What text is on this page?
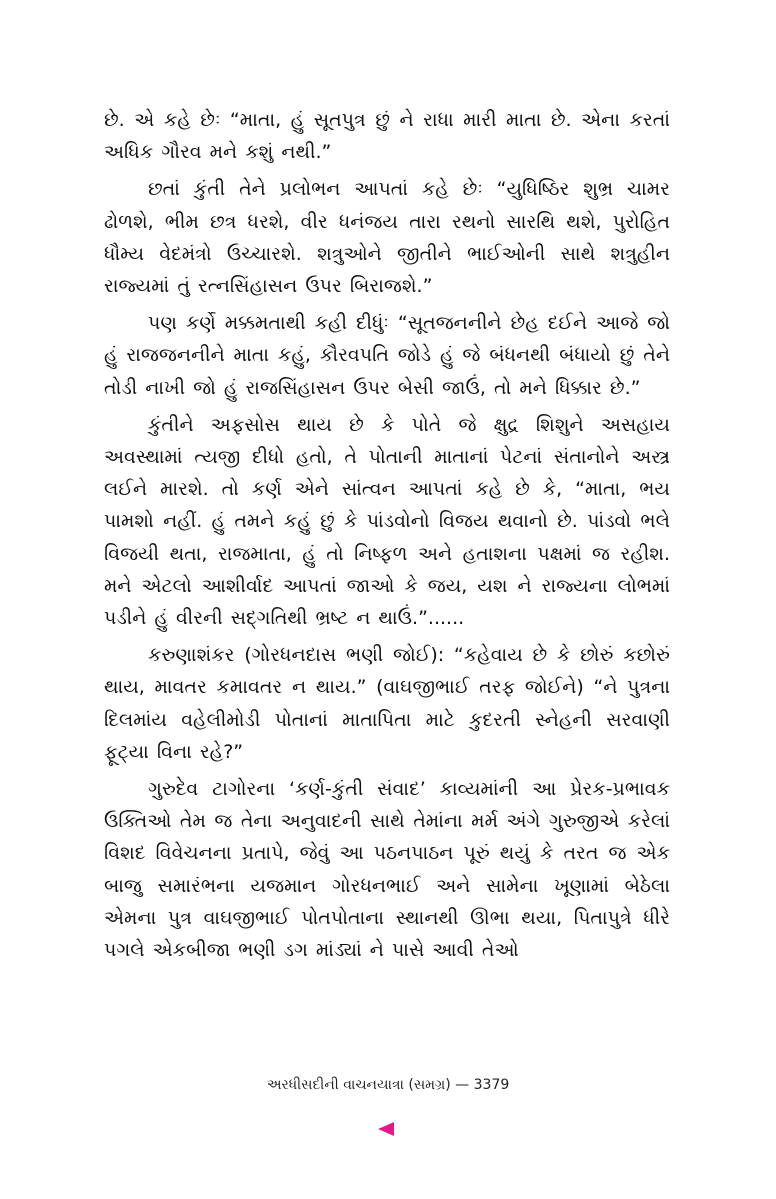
છે. એ કહે છેઃ “માતા, હું સૂતપુત્ર છું ને રાધા મારી માતા છે. એના કરતાં અધિક ગૌરવ મને કશું નથી.”

છતાં કુંતી તેને પ્રલોભન આપતાં કહે છેઃ “યુધિષ્ઠિર શુભ્ર ચામર ઢોળશે, ભીમ છત્ર ધરશે, વીર ધનંજય તારા રથનો સારથિ થશે, પુરોહિત ધૌમ્ય વેદમંત્રો ઉચ્ચારશે. શત્રુઓને જીતીને ભાઈઓની સાથે શત્રુહીન રાજ્યમાં તું રત્નસિંહાસન ઉપર બિરાજશે.”

પણ કર્ણે મક્કમતાથી કહી દીધુંઃ “સૂતજનનીને છેહ દઈને આજે જો હું રાજજનનીને માતા કહું, કૌરવપતિ જોડે હું જે બંધનથી બંધાયો છું તેને તોડી નાખી જો હું રાજસિંહાસન ઉપર બેસી જાઉં, તો મને ધિક્કાર છે.”

કુંતીને અફસોસ થાય છે કે પોતે જે ક્ષુદ્ર શિશુને અસહાય અવસ્થામાં ત્યજી દીધો હતો, તે પોતાની માતાનાં પેટનાં સંતાનોને અસ્ત્ર લઈને મારશે. તો કર્ણ એને સાંત્વન આપતાં કહે છે કે, “માતા, ભય પામશો નહીં. હું તમને કહું છું કે પાંડવોનો વિજય થવાનો છે. પાંડવો ભલે વિજયી થતા, રાજમાતા, હું તો નિષ્ફળ અને હતાશના પક્ષમાં જ રહીશ. મને એટલો આશીર્વાદ આપતાં જાઓ કે જય, યશ ને રાજ્યના લોભમાં પડીને હું વીરની સદ્‌ગતિથી ભ્રષ્ટ ન થાઉં.”......

કરુણાશંકર (ગોરધનદાસ ભણી જોઈ): “કહેવાય છે કે છોરું કછોરું થાય, માવતર કમાવતર ન થાય.” (વાઘજીભાઈ તરફ જોઈને) “ને પુત્રના દિલમાંય વહેલીમોડી પોતાનાં માતાપિતા માટે કુદરતી સ્નેહની સરવાણી ફૂટ્યા વિના રહે?”

ગુરુદેવ ટાગોરના ‘કર્ણ-કુંતી સંવાદ’ કાવ્યમાંની આ પ્રેરક-પ્રભાવક ઉક્તિઓ તેમ જ તેના અનુવાદની સાથે તેમાંના મર્મ અંગે ગુરુજીએ કરેલાં વિશદ વિવેચનના પ્રતાપે, જેવું આ પઠનપાઠન પૂરું થયું કે તરત જ એક બાજુ સમારંભના યજમાન ગોરધનભાઈ અને સામેના ખૂણામાં બેઠેલા એમના પુત્ર વાઘજીભાઈ પોતપોતાના સ્થાનથી ઊભા થયા, પિતાપુત્રે ધીરે પગલે એકબીજા ભણી ડગ માંડ્યાં ને પાસે આવી તેઓ

અરધીસદીની વાચનયાત્રા (સમગ્ર) — 3379
